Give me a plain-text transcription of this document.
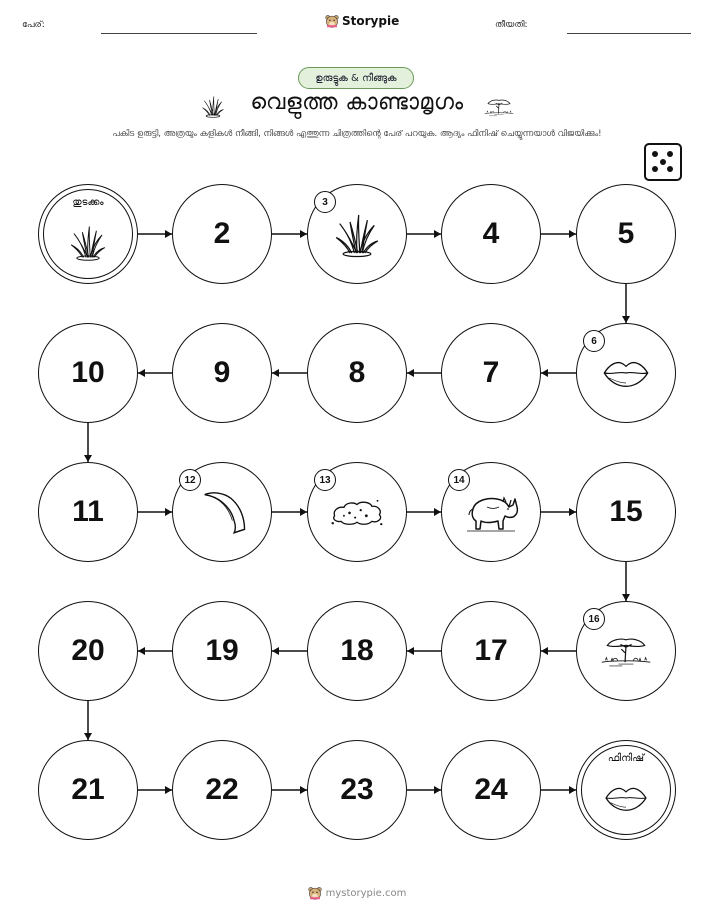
പേര്:	Storypie	തീയതി:
ഉരുട്ടുക & നീങ്ങുക
വെളുത്ത കാണ്ടാമൃഗം
പകിട ഉരുട്ടി, അത്രയും കളികൾ നീങ്ങി, നിങ്ങൾ എത്തുന്ന ചിത്രത്തിന്റെ പേര് പറയുക. ആദ്യം ഫിനിഷ് ചെയ്യുന്നയാൾ വിജയിക്കും!
തുടക്കം
2
3
4	5
6
7
8
9
10
11
12	13	14
15
16
17
18
19
20
21	22	23	24
ഫിനിഷ്
mystorypie.com
